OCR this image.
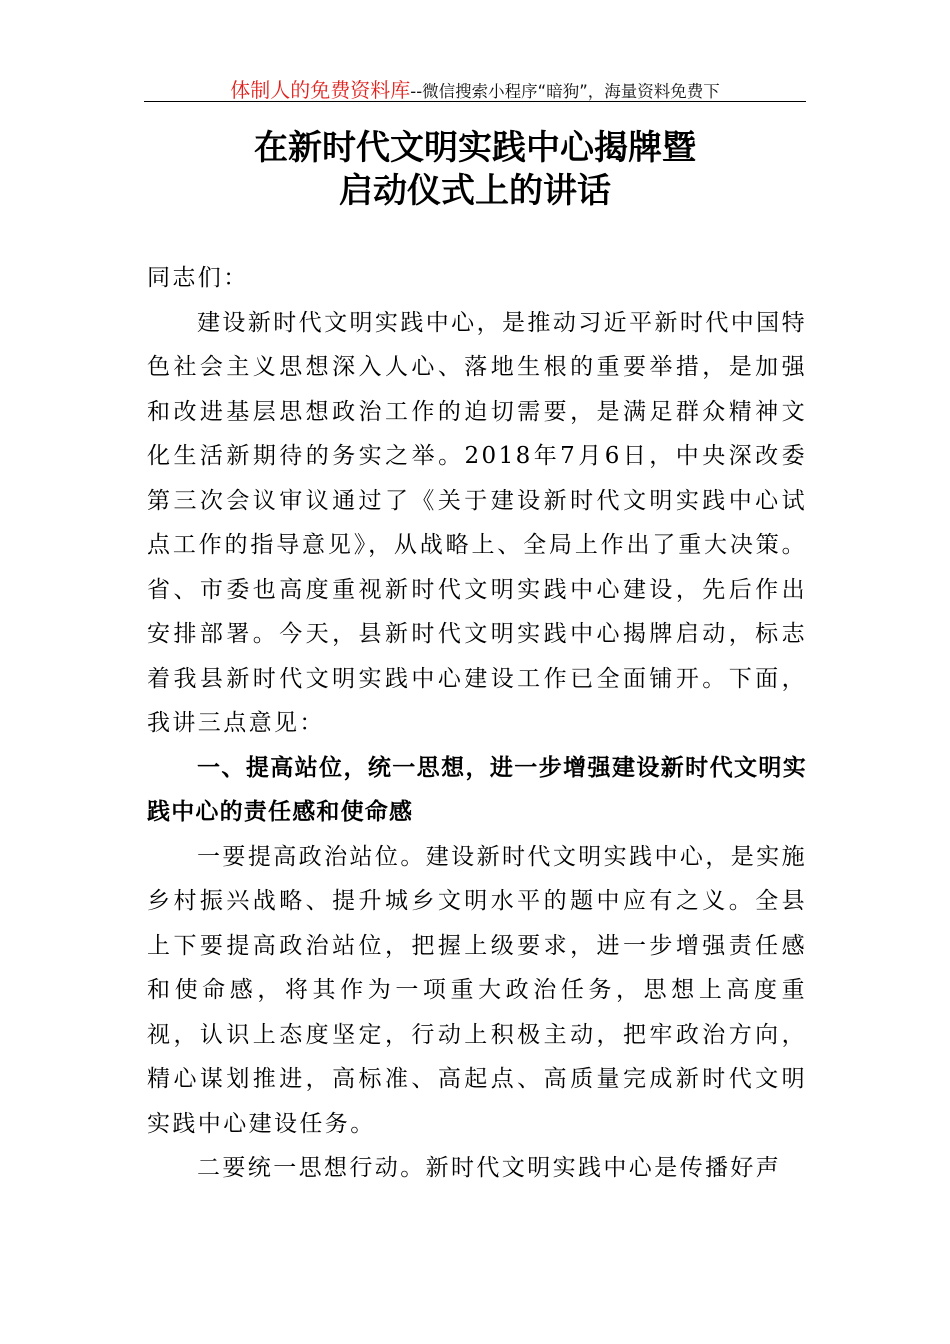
体制人的免费资料库--微信搜索小程序“暗狗”，海量资料免费下
在新时代文明实践中心揭牌暨
启动仪式上的讲话

同志们：

建设新时代文明实践中心，是推动习近平新时代中国特色社会主义思想深入人心、落地生根的重要举措，是加强和改进基层思想政治工作的迫切需要，是满足群众精神文化生活新期待的务实之举。2018年7月6日，中央深改委第三次会议审议通过了《关于建设新时代文明实践中心试点工作的指导意见》，从战略上、全局上作出了重大决策。省、市委也高度重视新时代文明实践中心建设，先后作出安排部署。今天，县新时代文明实践中心揭牌启动，标志着我县新时代文明实践中心建设工作已全面铺开。下面，我讲三点意见：

一、提高站位，统一思想，进一步增强建设新时代文明实践中心的责任感和使命感

一要提高政治站位。建设新时代文明实践中心，是实施乡村振兴战略、提升城乡文明水平的题中应有之义。全县上下要提高政治站位，把握上级要求，进一步增强责任感和使命感，将其作为一项重大政治任务，思想上高度重视，认识上态度坚定，行动上积极主动，把牢政治方向，精心谋划推进，高标准、高起点、高质量完成新时代文明实践中心建设任务。

二要统一思想行动。新时代文明实践中心是传播好声
